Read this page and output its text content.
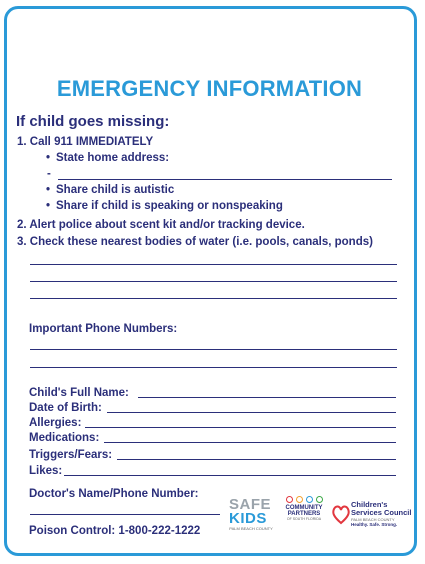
EMERGENCY INFORMATION
If child goes missing:
1. Call 911 IMMEDIATELY
• State home address:
-
• Share child is autistic
• Share if child is speaking or nonspeaking
2. Alert police about scent kit and/or tracking device.
3. Check these nearest bodies of water (i.e. pools, canals, ponds)
Important Phone Numbers:
Child's Full Name:
Date of Birth:
Allergies:
Medications:
Triggers/Fears:
Likes:
Doctor's Name/Phone Number:
Poison Control: 1-800-222-1222
SAFE
KIDS
PALM BEACH COUNTY
COMMUNITY
PARTNERS
OF SOUTH FLORIDA
Children's
Services Council
PALM BEACH COUNTY
Healthy. Safe. Strong.
